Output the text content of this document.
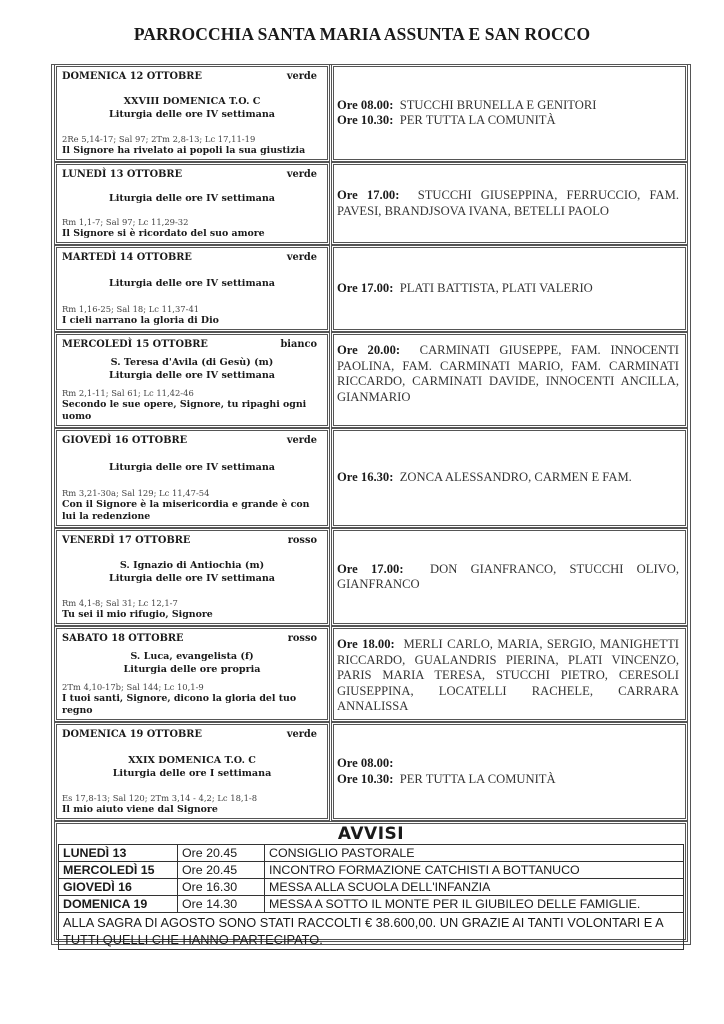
PARROCCHIA SANTA MARIA ASSUNTA E SAN ROCCO
DOMENICA 12 OTTOBRE	verde
XXVIII DOMENICA T.O. C
Liturgia delle ore IV settimana
2Re 5,14-17; Sal 97; 2Tm 2,8-13; Lc 17,11-19
Il Signore ha rivelato ai popoli la sua giustizia
Ore 08.00: STUCCHI BRUNELLA E GENITORI
Ore 10.30: PER TUTTA LA COMUNITÀ
LUNEDÌ 13 OTTOBRE	verde
Liturgia delle ore IV settimana
Rm 1,1-7; Sal 97; Lc 11,29-32
Il Signore si è ricordato del suo amore
Ore 17.00: STUCCHI GIUSEPPINA, FERRUCCIO, FAM. PAVESI, BRANDJSOVA IVANA, BETELLI PAOLO
MARTEDÌ 14 OTTOBRE	verde
Liturgia delle ore IV settimana
Rm 1,16-25; Sal 18; Lc 11,37-41
I cieli narrano la gloria di Dio
Ore 17.00: PLATI BATTISTA, PLATI VALERIO
MERCOLEDÌ 15 OTTOBRE	bianco
S. Teresa d'Avila (di Gesù) (m)
Liturgia delle ore IV settimana
Rm 2,1-11; Sal 61; Lc 11,42-46
Secondo le sue opere, Signore, tu ripaghi ogni uomo
Ore 20.00: CARMINATI GIUSEPPE, FAM. INNOCENTI PAOLINA, FAM. CARMINATI MARIO, FAM. CARMINATI RICCARDO, CARMINATI DAVIDE, INNOCENTI ANCILLA, GIANMARIO
GIOVEDÌ 16 OTTOBRE	verde
Liturgia delle ore IV settimana
Rm 3,21-30a; Sal 129; Lc 11,47-54
Con il Signore è la misericordia e grande è con lui la redenzione
Ore 16.30: ZONCA ALESSANDRO, CARMEN E FAM.
VENERDÌ 17 OTTOBRE	rosso
S. Ignazio di Antiochia (m)
Liturgia delle ore IV settimana
Rm 4,1-8; Sal 31; Lc 12,1-7
Tu sei il mio rifugio, Signore
Ore 17.00: DON GIANFRANCO, STUCCHI OLIVO, GIANFRANCO
SABATO 18 OTTOBRE	rosso
S. Luca, evangelista (f)
Liturgia delle ore propria
2Tm 4,10-17b; Sal 144; Lc 10,1-9
I tuoi santi, Signore, dicono la gloria del tuo regno
Ore 18.00: MERLI CARLO, MARIA, SERGIO, MANIGHETTI RICCARDO, GUALANDRIS PIERINA, PLATI VINCENZO, PARIS MARIA TERESA, STUCCHI PIETRO, CERESOLI GIUSEPPINA, LOCATELLI RACHELE, CARRARA ANNALISSA
DOMENICA 19 OTTOBRE	verde
XXIX DOMENICA T.O. C
Liturgia delle ore I settimana
Es 17,8-13; Sal 120; 2Tm 3,14 - 4,2; Lc 18,1-8
Il mio aiuto viene dal Signore
Ore 08.00:
Ore 10.30: PER TUTTA LA COMUNITÀ
AVVISI
LUNEDÌ 13	Ore 20.45	CONSIGLIO PASTORALE
MERCOLEDÌ 15	Ore 20.45	INCONTRO FORMAZIONE CATCHISTI A BOTTANUCO
GIOVEDÌ 16	Ore 16.30	MESSA ALLA SCUOLA DELL'INFANZIA
DOMENICA 19	Ore 14.30	MESSA A SOTTO IL MONTE PER IL GIUBILEO DELLE FAMIGLIE.
ALLA SAGRA DI AGOSTO SONO STATI RACCOLTI € 38.600,00. UN GRAZIE AI TANTI VOLONTARI E A TUTTI QUELLI CHE HANNO PARTECIPATO.		
